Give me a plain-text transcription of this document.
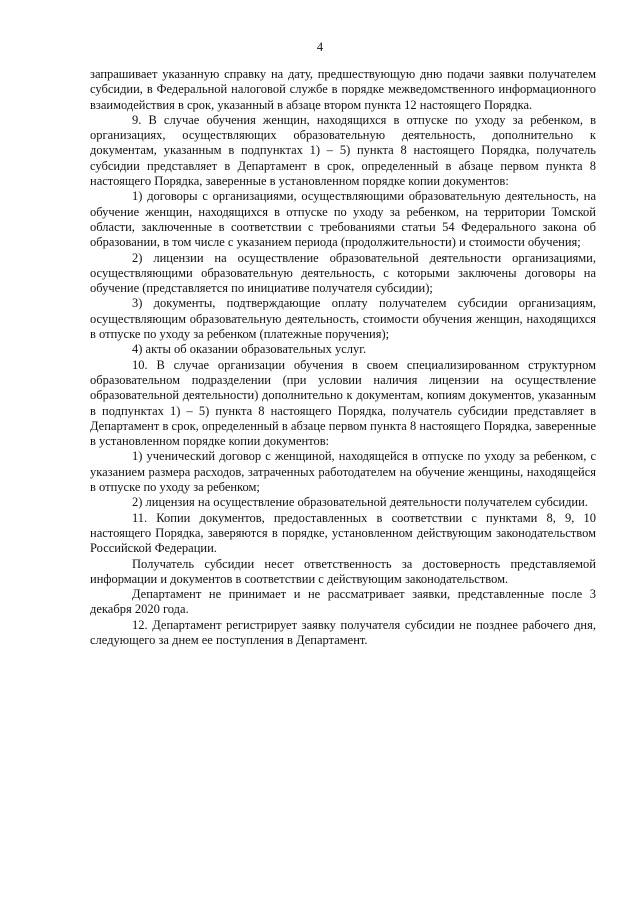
4

запрашивает указанную справку на дату, предшествующую дню подачи заявки получателем субсидии, в Федеральной налоговой службе в порядке межведомственного информационного взаимодействия в срок, указанный в абзаце втором пункта 12 настоящего Порядка.

9. В случае обучения женщин, находящихся в отпуске по уходу за ребенком, в организациях, осуществляющих образовательную деятельность, дополнительно к документам, указанным в подпунктах 1) – 5) пункта 8 настоящего Порядка, получатель субсидии представляет в Департамент в срок, определенный в абзаце первом пункта 8 настоящего Порядка, заверенные в установленном порядке копии документов:

1) договоры с организациями, осуществляющими образовательную деятельность, на обучение женщин, находящихся в отпуске по уходу за ребенком, на территории Томской области, заключенные в соответствии с требованиями статьи 54 Федерального закона об образовании, в том числе с указанием периода (продолжительности) и стоимости обучения;

2) лицензии на осуществление образовательной деятельности организациями, осуществляющими образовательную деятельность, с которыми заключены договоры на обучение (представляется по инициативе получателя субсидии);

3) документы, подтверждающие оплату получателем субсидии организациям, осуществляющим образовательную деятельность, стоимости обучения женщин, находящихся в отпуске по уходу за ребенком (платежные поручения);

4) акты об оказании образовательных услуг.

10. В случае организации обучения в своем специализированном структурном образовательном подразделении (при условии наличия лицензии на осуществление образовательной деятельности) дополнительно к документам, копиям документов, указанным в подпунктах 1) – 5) пункта 8 настоящего Порядка, получатель субсидии представляет в Департамент в срок, определенный в абзаце первом пункта 8 настоящего Порядка, заверенные в установленном порядке копии документов:

1) ученический договор с женщиной, находящейся в отпуске по уходу за ребенком, с указанием размера расходов, затраченных работодателем на обучение женщины, находящейся в отпуске по уходу за ребенком;

2) лицензия на осуществление образовательной деятельности получателем субсидии.

11. Копии документов, предоставленных в соответствии с пунктами 8, 9, 10 настоящего Порядка, заверяются в порядке, установленном действующим законодательством Российской Федерации.

Получатель субсидии несет ответственность за достоверность представляемой информации и документов в соответствии с действующим законодательством.

Департамент не принимает и не рассматривает заявки, представленные после 3 декабря 2020 года.

12. Департамент регистрирует заявку получателя субсидии не позднее рабочего дня, следующего за днем ее поступления в Департамент.
